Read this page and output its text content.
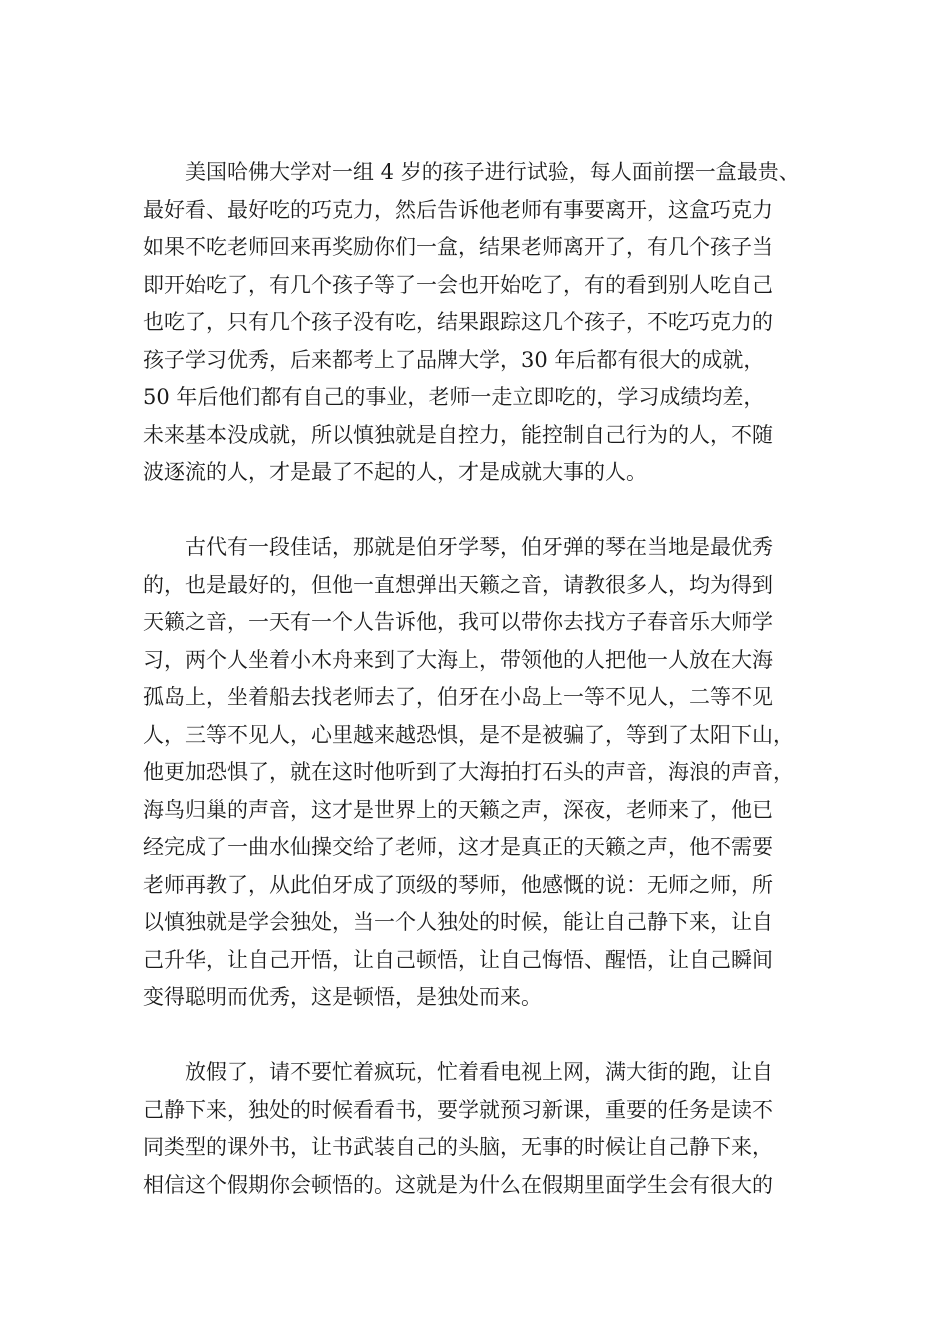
美国哈佛大学对一组 4 岁的孩子进行试验，每人面前摆一盒最贵、
最好看、最好吃的巧克力，然后告诉他老师有事要离开，这盒巧克力
如果不吃老师回来再奖励你们一盒，结果老师离开了，有几个孩子当
即开始吃了，有几个孩子等了一会也开始吃了，有的看到别人吃自己
也吃了，只有几个孩子没有吃，结果跟踪这几个孩子，不吃巧克力的
孩子学习优秀，后来都考上了品牌大学，30 年后都有很大的成就，
50 年后他们都有自己的事业，老师一走立即吃的，学习成绩均差，
未来基本没成就，所以慎独就是自控力，能控制自己行为的人，不随
波逐流的人，才是最了不起的人，才是成就大事的人。
古代有一段佳话，那就是伯牙学琴，伯牙弹的琴在当地是最优秀
的，也是最好的，但他一直想弹出天籁之音，请教很多人，均为得到
天籁之音，一天有一个人告诉他，我可以带你去找方子春音乐大师学
习，两个人坐着小木舟来到了大海上，带领他的人把他一人放在大海
孤岛上，坐着船去找老师去了，伯牙在小岛上一等不见人，二等不见
人，三等不见人，心里越来越恐惧，是不是被骗了，等到了太阳下山，
他更加恐惧了，就在这时他听到了大海拍打石头的声音，海浪的声音，
海鸟归巢的声音，这才是世界上的天籁之声，深夜，老师来了，他已
经完成了一曲水仙操交给了老师，这才是真正的天籁之声，他不需要
老师再教了，从此伯牙成了顶级的琴师，他感慨的说：无师之师，所
以慎独就是学会独处，当一个人独处的时候，能让自己静下来，让自
己升华，让自己开悟，让自己顿悟，让自己悔悟、醒悟，让自己瞬间
变得聪明而优秀，这是顿悟，是独处而来。
放假了，请不要忙着疯玩，忙着看电视上网，满大街的跑，让自
己静下来，独处的时候看看书，要学就预习新课，重要的任务是读不
同类型的课外书，让书武装自己的头脑，无事的时候让自己静下来，
相信这个假期你会顿悟的。这就是为什么在假期里面学生会有很大的
